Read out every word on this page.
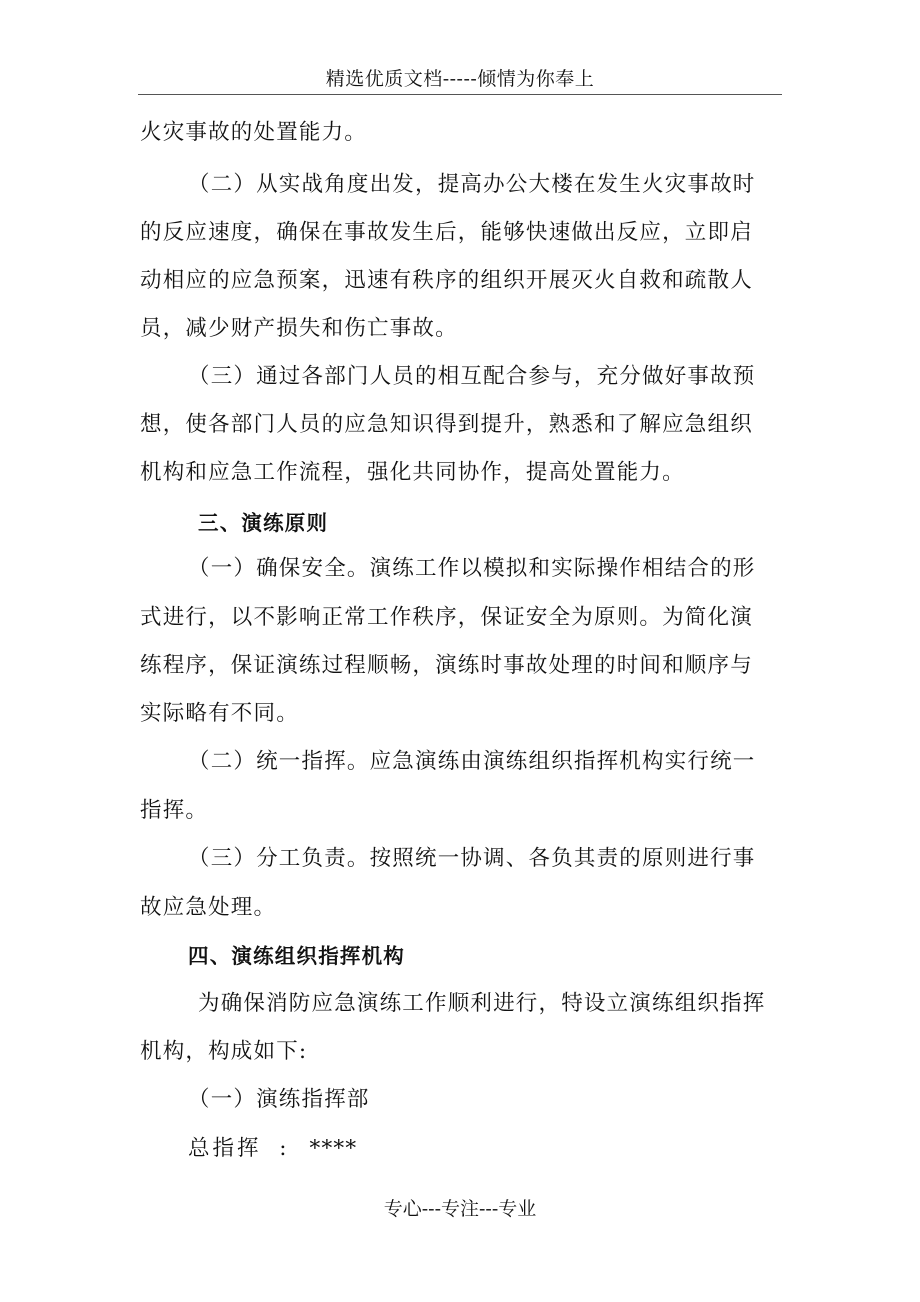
精选优质文档-----倾情为你奉上
火灾事故的处置能力。
（二）从实战角度出发，提高办公大楼在发生火灾事故时
的反应速度，确保在事故发生后，能够快速做出反应，立即启
动相应的应急预案，迅速有秩序的组织开展灭火自救和疏散人
员，减少财产损失和伤亡事故。
（三）通过各部门人员的相互配合参与，充分做好事故预
想，使各部门人员的应急知识得到提升，熟悉和了解应急组织
机构和应急工作流程，强化共同协作，提高处置能力。
三、演练原则
（一）确保安全。演练工作以模拟和实际操作相结合的形
式进行，以不影响正常工作秩序，保证安全为原则。为简化演
练程序，保证演练过程顺畅，演练时事故处理的时间和顺序与
实际略有不同。
（二）统一指挥。应急演练由演练组织指挥机构实行统一
指挥。
（三）分工负责。按照统一协调、各负其责的原则进行事
故应急处理。
四、演练组织指挥机构
为确保消防应急演练工作顺利进行，特设立演练组织指挥
机构，构成如下:
（一）演练指挥部
总指挥 : ****
专心---专注---专业
